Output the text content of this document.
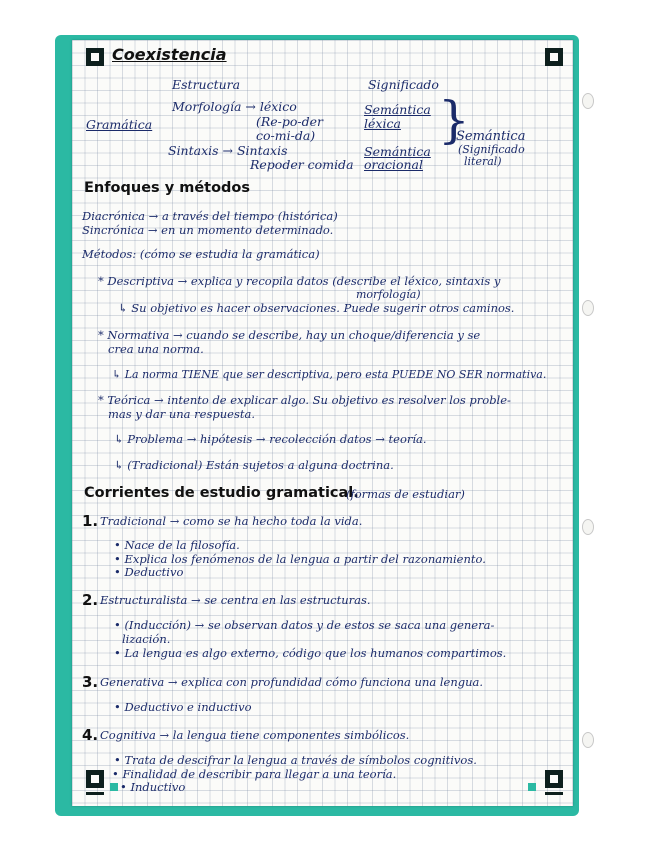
Coexistencia
Estructura	Significado
Gramática
Morfología → léxico
(Re-po-der
co-mi-da)
Sintaxis → Sintaxis
Repoder comida
Semántica
léxica
Semántica
oracional
}
Semántica
(Significado
literal)
Enfoques y métodos
Diacrónica → a través del tiempo (histórica)
Sincrónica → en un momento determinado.
Métodos: (cómo se estudia la gramática)
* Descriptiva → explica y recopila datos (describe el léxico, sintaxis y
morfología)
↳ Su objetivo es hacer observaciones. Puede sugerir otros caminos.
* Normativa → cuando se describe, hay un choque/diferencia y se
crea una norma.
↳ La norma TIENE que ser descriptiva, pero esta PUEDE NO SER normativa.
* Teórica → intento de explicar algo. Su objetivo es resolver los proble-
mas y dar una respuesta.
↳ Problema → hipótesis → recolección datos → teoría.
↳ (Tradicional) Están sujetos a alguna doctrina.
Corrientes de estudio gramatical.
(formas de estudiar)
1. Tradicional → como se ha hecho toda la vida.
• Nace de la filosofía.
• Explica los fenómenos de la lengua a partir del razonamiento.
• Deductivo
2. Estructuralista → se centra en las estructuras.
• (Inducción) → se observan datos y de estos se saca una genera-
lización.
• La lengua es algo externo, código que los humanos compartimos.
3. Generativa → explica con profundidad cómo funciona una lengua.
• Deductivo e inductivo
4. Cognitiva → la lengua tiene componentes simbólicos.
• Trata de descifrar la lengua a través de símbolos cognitivos.
• Finalidad de describir para llegar a una teoría.
• Inductivo
